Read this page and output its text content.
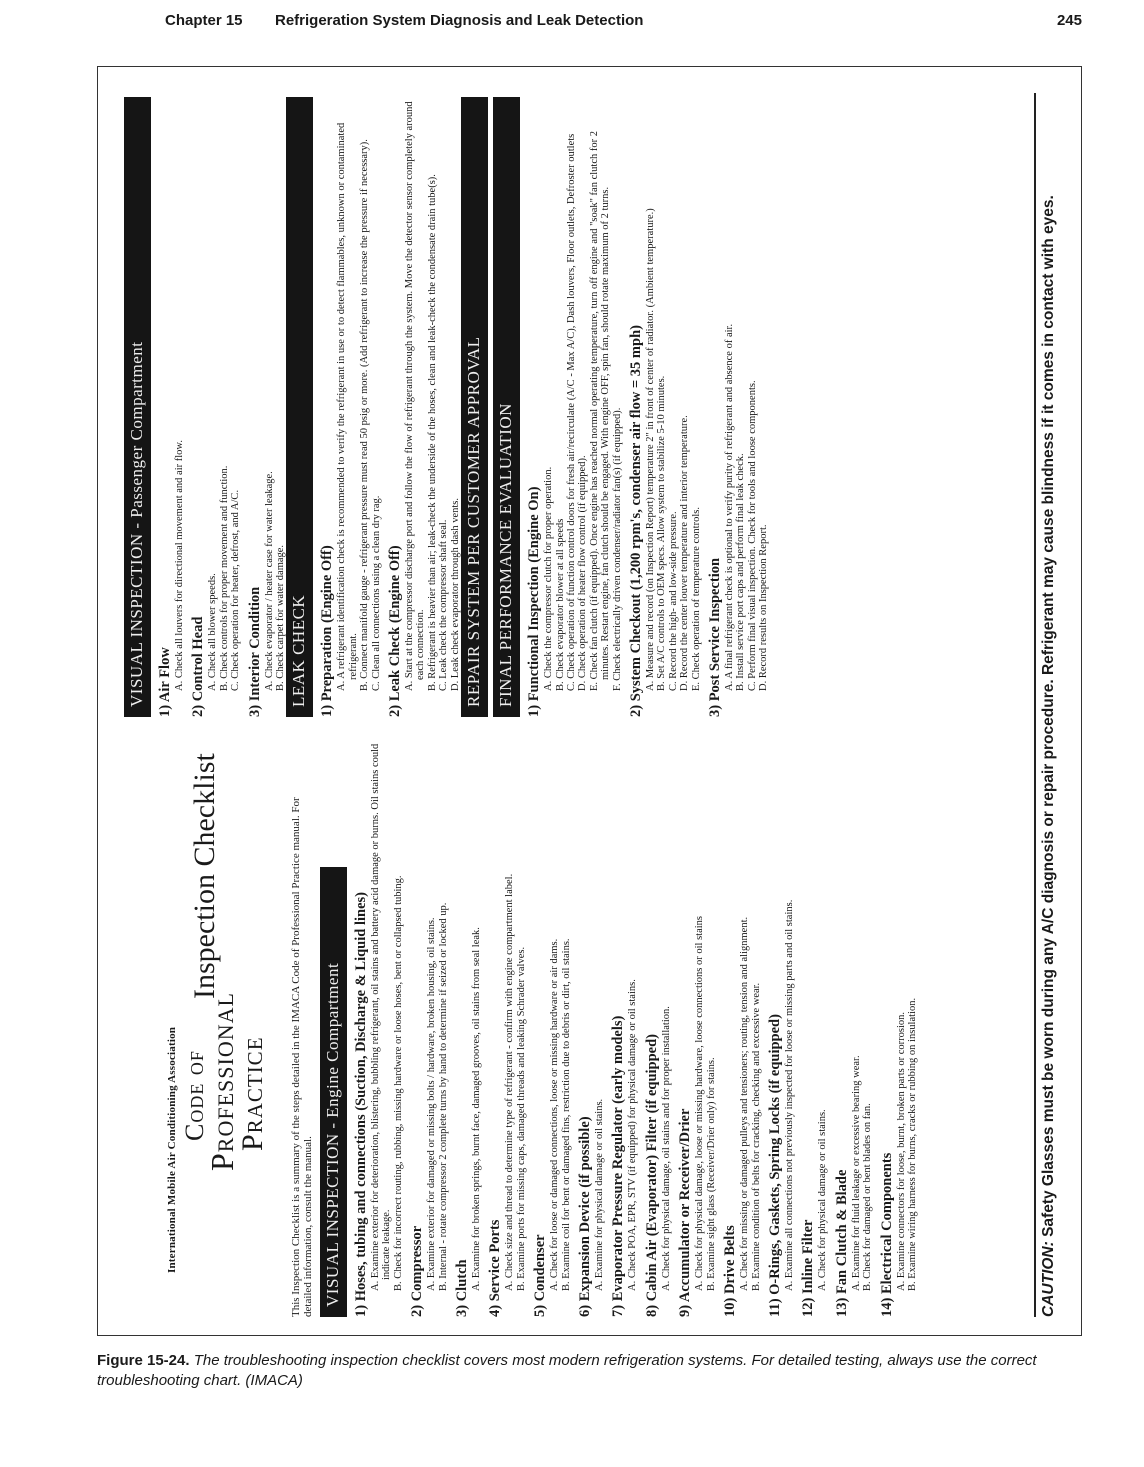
Chapter 15 Refrigeration System Diagnosis and Leak Detection	245
International Mobile Air Conditioning Association Code of
Professional
Inspection Checklist
Practice This Inspection Checklist is a summary of the steps detailed in the IMACA Code of Professional Practice manual. For detailed information, consult the manual. VISUAL INSPECTION - Engine Compartment 1) Hoses, tubing and connections (Suction, Discharge & Liquid lines) A. Examine exterior for deterioration, blistering, bubbling refrigerant, oil stains and battery acid damage or burns. Oil stains could indicate leakage. B. Check for incorrect routing, rubbing, missing hardware or loose hoses, bent or collapsed tubing. 2) Compressor A. Examine exterior for damaged or missing bolts / hardware, broken housing, oil stains. B. Internal - rotate compressor 2 complete turns by hand to determine if seized or locked up. 3) Clutch A. Examine for broken springs, burnt face, damaged grooves, oil stains from seal leak. 4) Service Ports A. Check size and thread to determine type of refrigerant - confirm with engine compartment label. B. Examine ports for missing caps, damaged threads and leaking Schrader valves. 5) Condenser A. Check for loose or damaged connections, loose or missing hardware or air dams. B. Examine coil for bent or damaged fins, restriction due to debris or dirt, oil stains. 6) Expansion Device (if possible) A. Examine for physical damage or oil stains. 7) Evaporator Pressure Regulator (early models) A. Check POA, EPR, STV (if equipped) for physical damage or oil stains. 8) Cabin Air (Evaporator) Filter (if equipped) A. Check for physical damage, oil stains and for proper installation. 9) Accumulator or Receiver/Drier A. Check for physical damage, loose or missing hardware, loose connections or oil stains B. Examine sight glass (Receiver/Drier only) for stains. 10) Drive Belts A. Check for missing or damaged pulleys and tensioners; routing, tension and alignment. B. Examine condition of belts for cracking, checking and excessive wear. 11) O-Rings, Gaskets, Spring Locks (if equipped) A. Examine all connections not previously inspected for loose or missing parts and oil stains. 12) Inline Filter A. Check for physical damage or oil stains. 13) Fan Clutch & Blade A. Examine for fluid leakage or excessive bearing wear. B. Check for damaged or bent blades on fan. 14) Electrical Components A. Examine connectors for loose, burnt, broken parts or corrosion. B. Examine wiring harness for burns, cracks or rubbing on insulation.
VISUAL INSPECTION - Passenger Compartment 1) Air Flow A. Check all louvers for directional movement and air flow. 2) Control Head A. Check all blower speeds. B. Check controls for proper movement and function. C. Check operation for heater, defrost, and A/C. 3) Interior Condition A. Check evaporator / heater case for water leakage. B. Check carpet for water damage. LEAK CHECK 1) Preparation (Engine Off) A. A refrigerant identification check is recommended to verify the refrigerant in use or to detect flammables, unknown or contaminated refrigerant. B. Connect manifold gauge - refrigerant pressure must read 50 psig or more. (Add refrigerant to increase the pressure if necessary). C. Clean all connections using a clean dry rag. 2) Leak Check (Engine Off) A. Start at the compressor discharge port and follow the flow of refrigerant through the system. Move the detector sensor completely around each connection. B. Refrigerant is heavier than air; leak-check the underside of the hoses, clean and leak-check the condensate drain tube(s). C. Leak check the compressor shaft seal. D. Leak check evaporator through dash vents. REPAIR SYSTEM PER CUSTOMER APPROVAL FINAL PERFORMANCE EVALUATION 1) Functional Inspection (Engine On) A. Check the compressor clutch for proper operation. B. Check evaporator blower at all speeds C. Check operation of function control doors for fresh air/recirculate (A/C - Max A/C), Dash louvers, Floor outlets, Defroster outlets D. Check operation of heater flow control (if equipped). E. Check fan clutch (if equipped). Once engine has reached normal operating temperature, turn off engine and "soak" fan clutch for 2 minutes. Restart engine, fan clutch should be engaged. With engine OFF, spin fan, should rotate maximum of 2 turns. F. Check electrically driven condenser/radiator fan(s) (if equipped). 2) System Checkout (1,200 rpm's, condenser air flow = 35 mph) A. Measure and record (on Inspection Report) temperature 2" in front of center of radiator. (Ambient temperature.) B. Set A/C controls to OEM specs. Allow system to stabilize 5-10 minutes. C. Record the high- and low-side pressure. D. Record the center louver temperature and interior temperature. E. Check operation of temperature controls. 3) Post Service Inspection A. A final refrigerant check is optional to verify purity of refrigerant and absence of air. B. Install service port caps and perform final leak check. C. Perform final visual inspection. Check for tools and loose components. D. Record results on Inspection Report.
CAUTION: Safety Glasses must be worn during any A/C diagnosis or repair procedure. Refrigerant may cause blindness if it comes in contact with eyes.
Figure 15-24. The troubleshooting inspection checklist covers most modern refrigeration systems. For detailed testing, always use the correct troubleshooting chart. (IMACA)
